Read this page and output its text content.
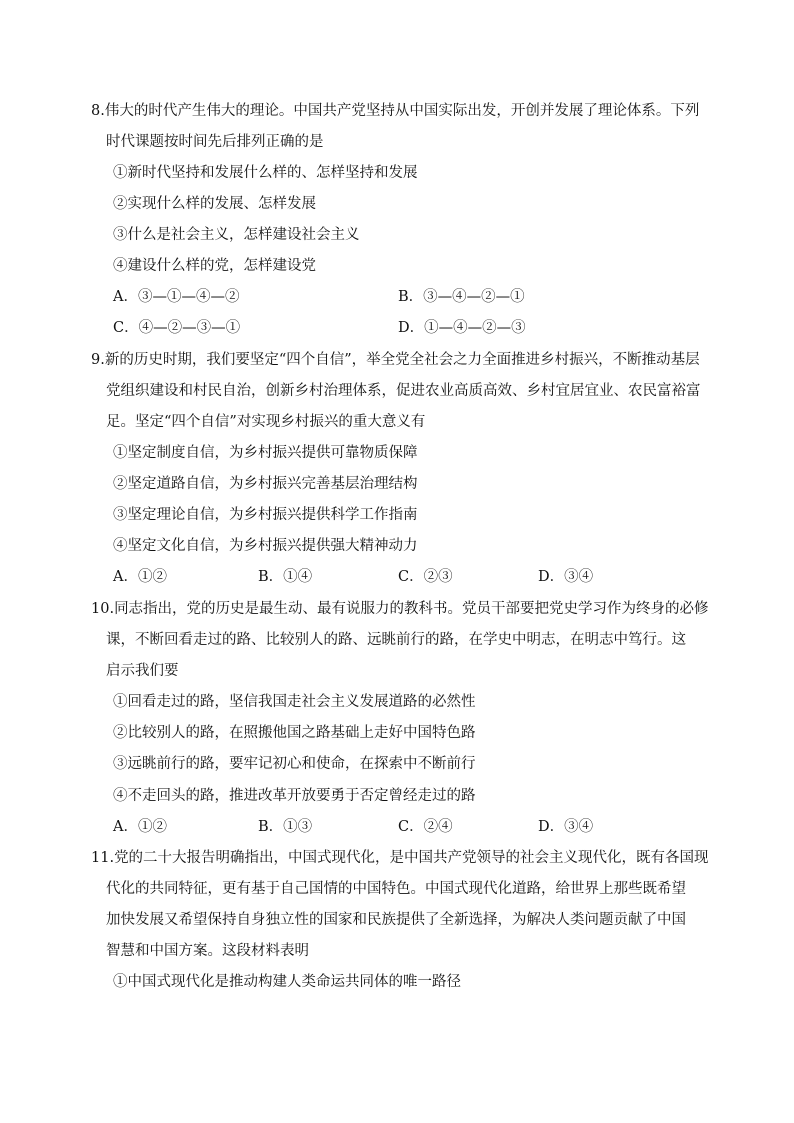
8.伟大的时代产生伟大的理论。中国共产党坚持从中国实际出发，开创并发展了理论体系。下列
时代课题按时间先后排列正确的是
①新时代坚持和发展什么样的、怎样坚持和发展
②实现什么样的发展、怎样发展
③什么是社会主义，怎样建设社会主义
④建设什么样的党，怎样建设党
A．③—①—④—②	B．③—④—②—①
C．④—②—③—①	D．①—④—②—③
9.新的历史时期，我们要坚定“四个自信”，举全党全社会之力全面推进乡村振兴，不断推动基层
党组织建设和村民自治，创新乡村治理体系，促进农业高质高效、乡村宜居宜业、农民富裕富
足。坚定“四个自信”对实现乡村振兴的重大意义有
①坚定制度自信，为乡村振兴提供可靠物质保障
②坚定道路自信，为乡村振兴完善基层治理结构
③坚定理论自信，为乡村振兴提供科学工作指南
④坚定文化自信，为乡村振兴提供强大精神动力
A．①②	B．①④	C．②③	D．③④
10.同志指出，党的历史是最生动、最有说服力的教科书。党员干部要把党史学习作为终身的必修
课，不断回看走过的路、比较别人的路、远眺前行的路，在学史中明志，在明志中笃行。这
启示我们要
①回看走过的路，坚信我国走社会主义发展道路的必然性
②比较别人的路，在照搬他国之路基础上走好中国特色路
③远眺前行的路，要牢记初心和使命，在探索中不断前行
④不走回头的路，推进改革开放要勇于否定曾经走过的路
A．①②	B．①③	C．②④	D．③④
11.党的二十大报告明确指出，中国式现代化，是中国共产党领导的社会主义现代化，既有各国现
代化的共同特征，更有基于自己国情的中国特色。中国式现代化道路，给世界上那些既希望
加快发展又希望保持自身独立性的国家和民族提供了全新选择，为解决人类问题贡献了中国
智慧和中国方案。这段材料表明
①中国式现代化是推动构建人类命运共同体的唯一路径
